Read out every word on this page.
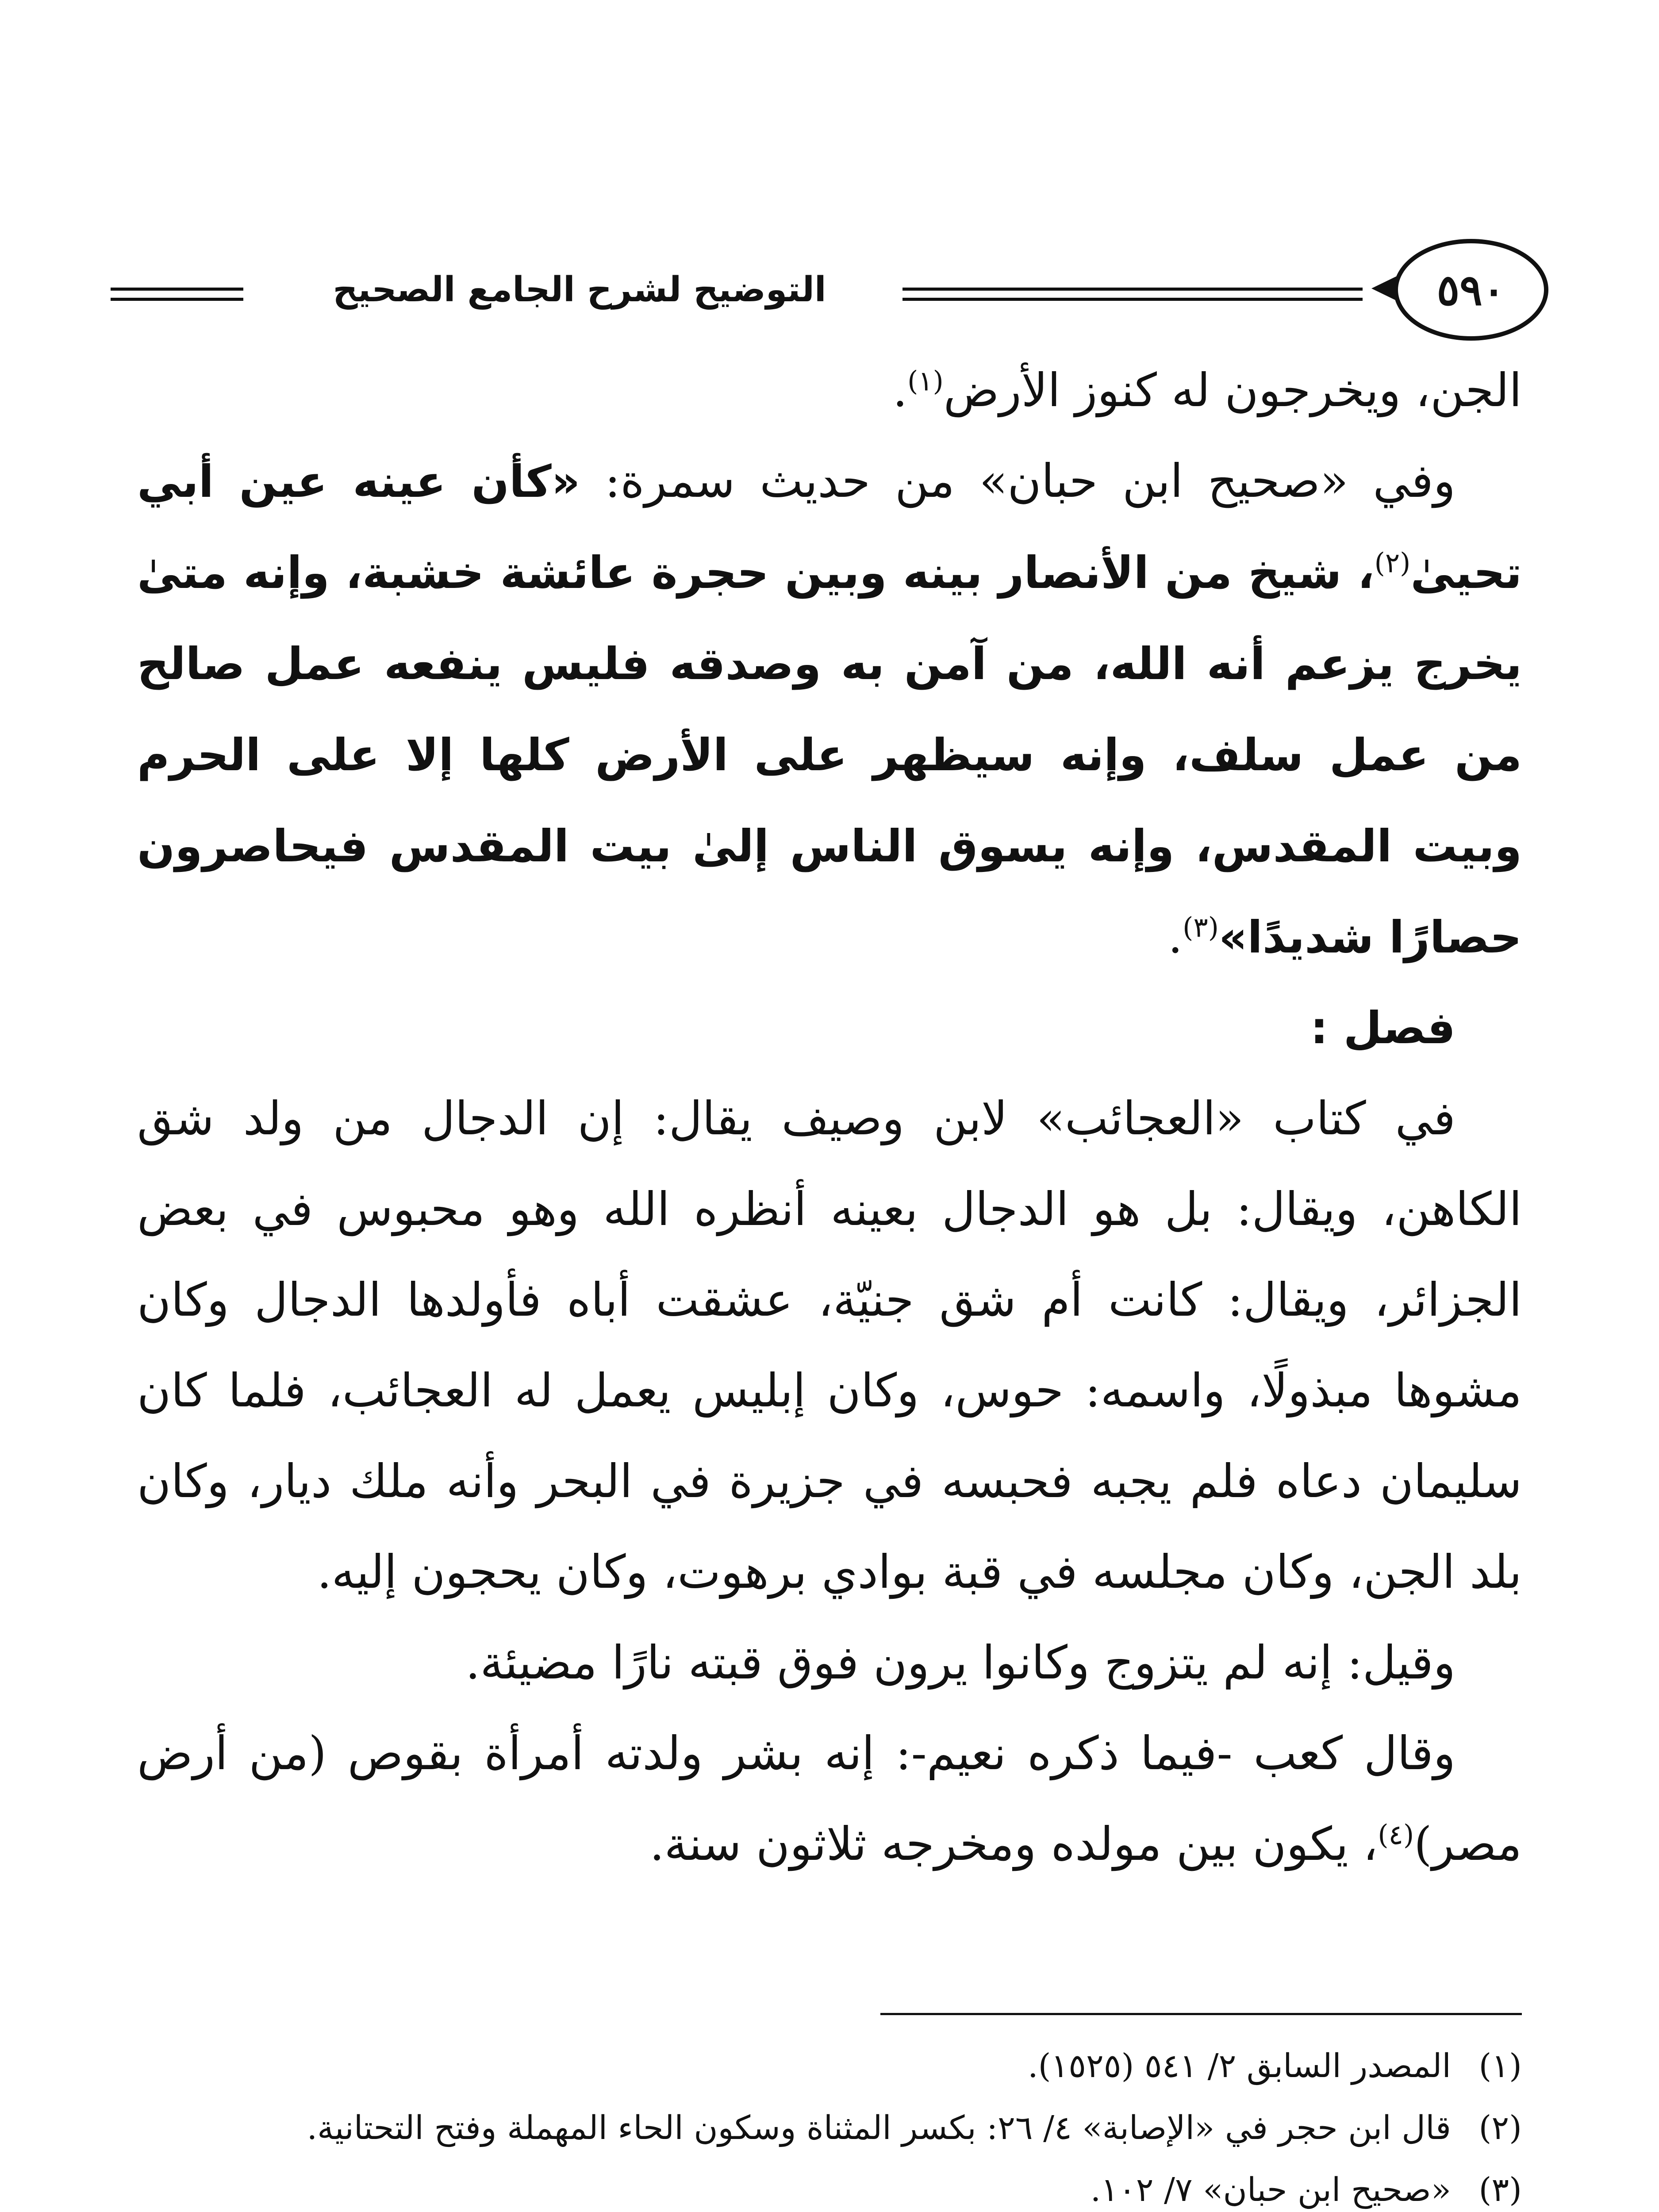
التوضيح لشرح الجامع الصحيح	٥٩٠

الجن، ويخرجون له كنوز الأرض$^{(١)}$.

وفي «صحيح ابن حبان» من حديث سمرة: «كأن عينه عين أبي تحيىٰ$^{(٢)}$، شيخ من الأنصار بينه وبين حجرة عائشة خشبة، وإنه متىٰ يخرج يزعم أنه الله، من آمن به وصدقه فليس ينفعه عمل صالح من عمل سلف، وإنه سيظهر على الأرض كلها إلا على الحرم وبيت المقدس، وإنه يسوق الناس إلىٰ بيت المقدس فيحاصرون حصارًا شديدًا»$^{(٣)}$.

فصل :

في كتاب «العجائب» لابن وصيف يقال: إن الدجال من ولد شق الكاهن، ويقال: بل هو الدجال بعينه أنظره الله وهو محبوس في بعض الجزائر، ويقال: كانت أم شق جنيّة، عشقت أباه فأولدها الدجال وكان مشوها مبذولًا، واسمه: حوس، وكان إبليس يعمل له العجائب، فلما كان سليمان دعاه فلم يجبه فحبسه في جزيرة في البحر وأنه ملك ديار، وكان بلد الجن، وكان مجلسه في قبة بوادي برهوت، وكان يحجون إليه.

وقيل: إنه لم يتزوج وكانوا يرون فوق قبته نارًا مضيئة.

وقال كعب -فيما ذكره نعيم-: إنه بشر ولدته أمرأة بقوص (من أرض مصر)$^{(٤)}$، يكون بين مولده ومخرجه ثلاثون سنة.

(١)
المصدر السابق ٢/ ٥٤١ (١٥٢٥).

(٢)
قال ابن حجر في «الإصابة» ٤/ ٢٦: بكسر المثناة وسكون الحاء المهملة وفتح التحتانية.

(٣)
«صحيح ابن حبان» ٧/ ١٠٢.
